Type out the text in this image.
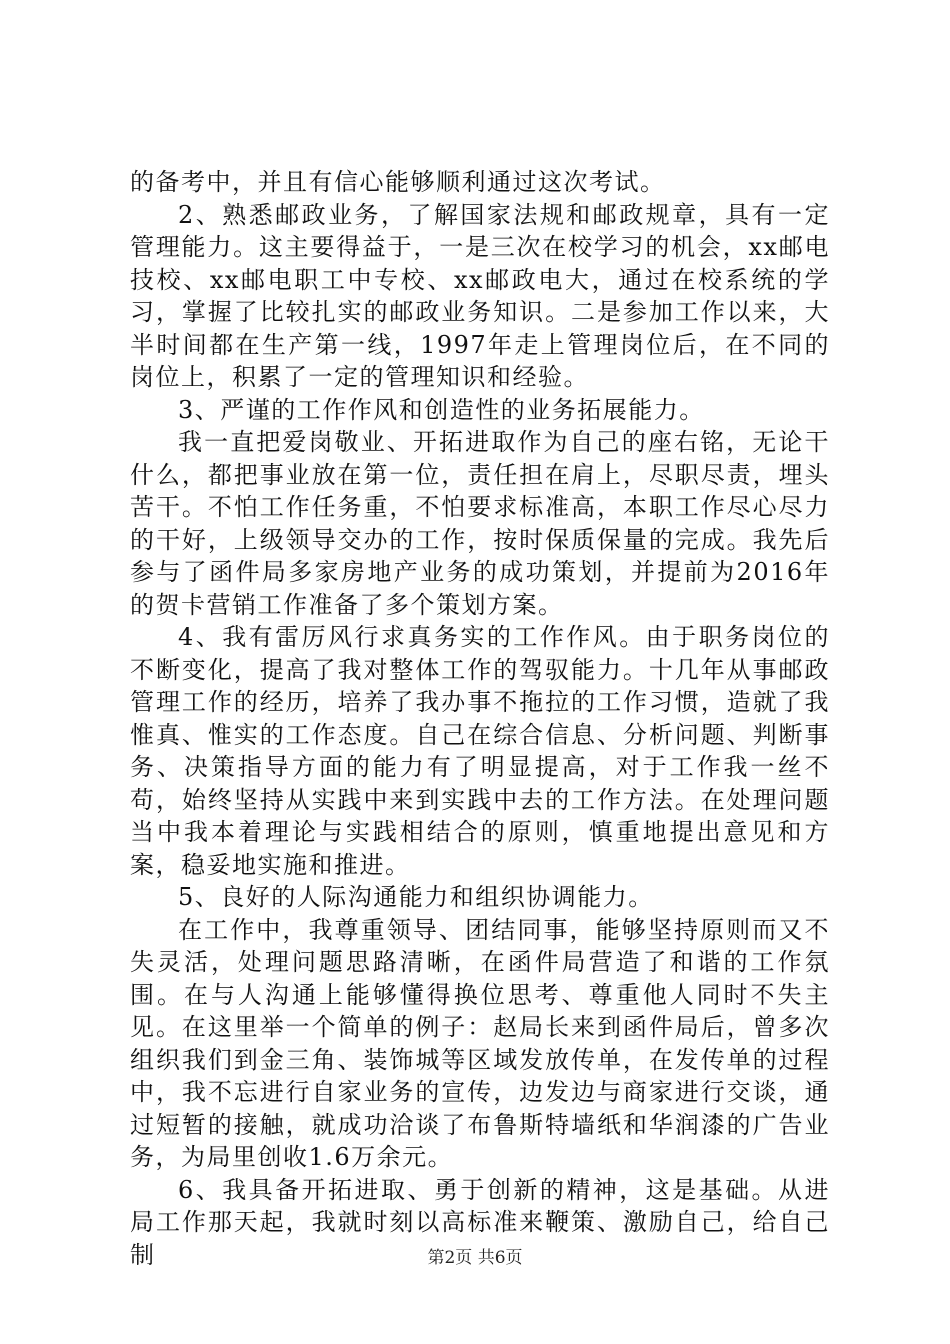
的备考中，并且有信心能够顺利通过这次考试。

2、熟悉邮政业务，了解国家法规和邮政规章，具有一定管理能力。这主要得益于，一是三次在校学习的机会，xx邮电技校、xx邮电职工中专校、xx邮政电大，通过在校系统的学习，掌握了比较扎实的邮政业务知识。二是参加工作以来，大半时间都在生产第一线，1997年走上管理岗位后，在不同的岗位上，积累了一定的管理知识和经验。

3、严谨的工作作风和创造性的业务拓展能力。

我一直把爱岗敬业、开拓进取作为自己的座右铭，无论干什么，都把事业放在第一位，责任担在肩上，尽职尽责，埋头苦干。不怕工作任务重，不怕要求标准高，本职工作尽心尽力的干好，上级领导交办的工作，按时保质保量的完成。我先后参与了函件局多家房地产业务的成功策划，并提前为2016年的贺卡营销工作准备了多个策划方案。

4、我有雷厉风行求真务实的工作作风。由于职务岗位的不断变化，提高了我对整体工作的驾驭能力。十几年从事邮政管理工作的经历，培养了我办事不拖拉的工作习惯，造就了我惟真、惟实的工作态度。自己在综合信息、分析问题、判断事务、决策指导方面的能力有了明显提高，对于工作我一丝不苟，始终坚持从实践中来到实践中去的工作方法。在处理问题当中我本着理论与实践相结合的原则，慎重地提出意见和方案，稳妥地实施和推进。

5、良好的人际沟通能力和组织协调能力。

在工作中，我尊重领导、团结同事，能够坚持原则而又不失灵活，处理问题思路清晰，在函件局营造了和谐的工作氛围。在与人沟通上能够懂得换位思考、尊重他人同时不失主见。在这里举一个简单的例子：赵局长来到函件局后，曾多次组织我们到金三角、装饰城等区域发放传单，在发传单的过程中，我不忘进行自家业务的宣传，边发边与商家进行交谈，通过短暂的接触，就成功洽谈了布鲁斯特墙纸和华润漆的广告业务，为局里创收1.6万余元。

6、我具备开拓进取、勇于创新的精神，这是基础。从进局工作那天起，我就时刻以高标准来鞭策、激励自己，给自己制	第2页 共6页
